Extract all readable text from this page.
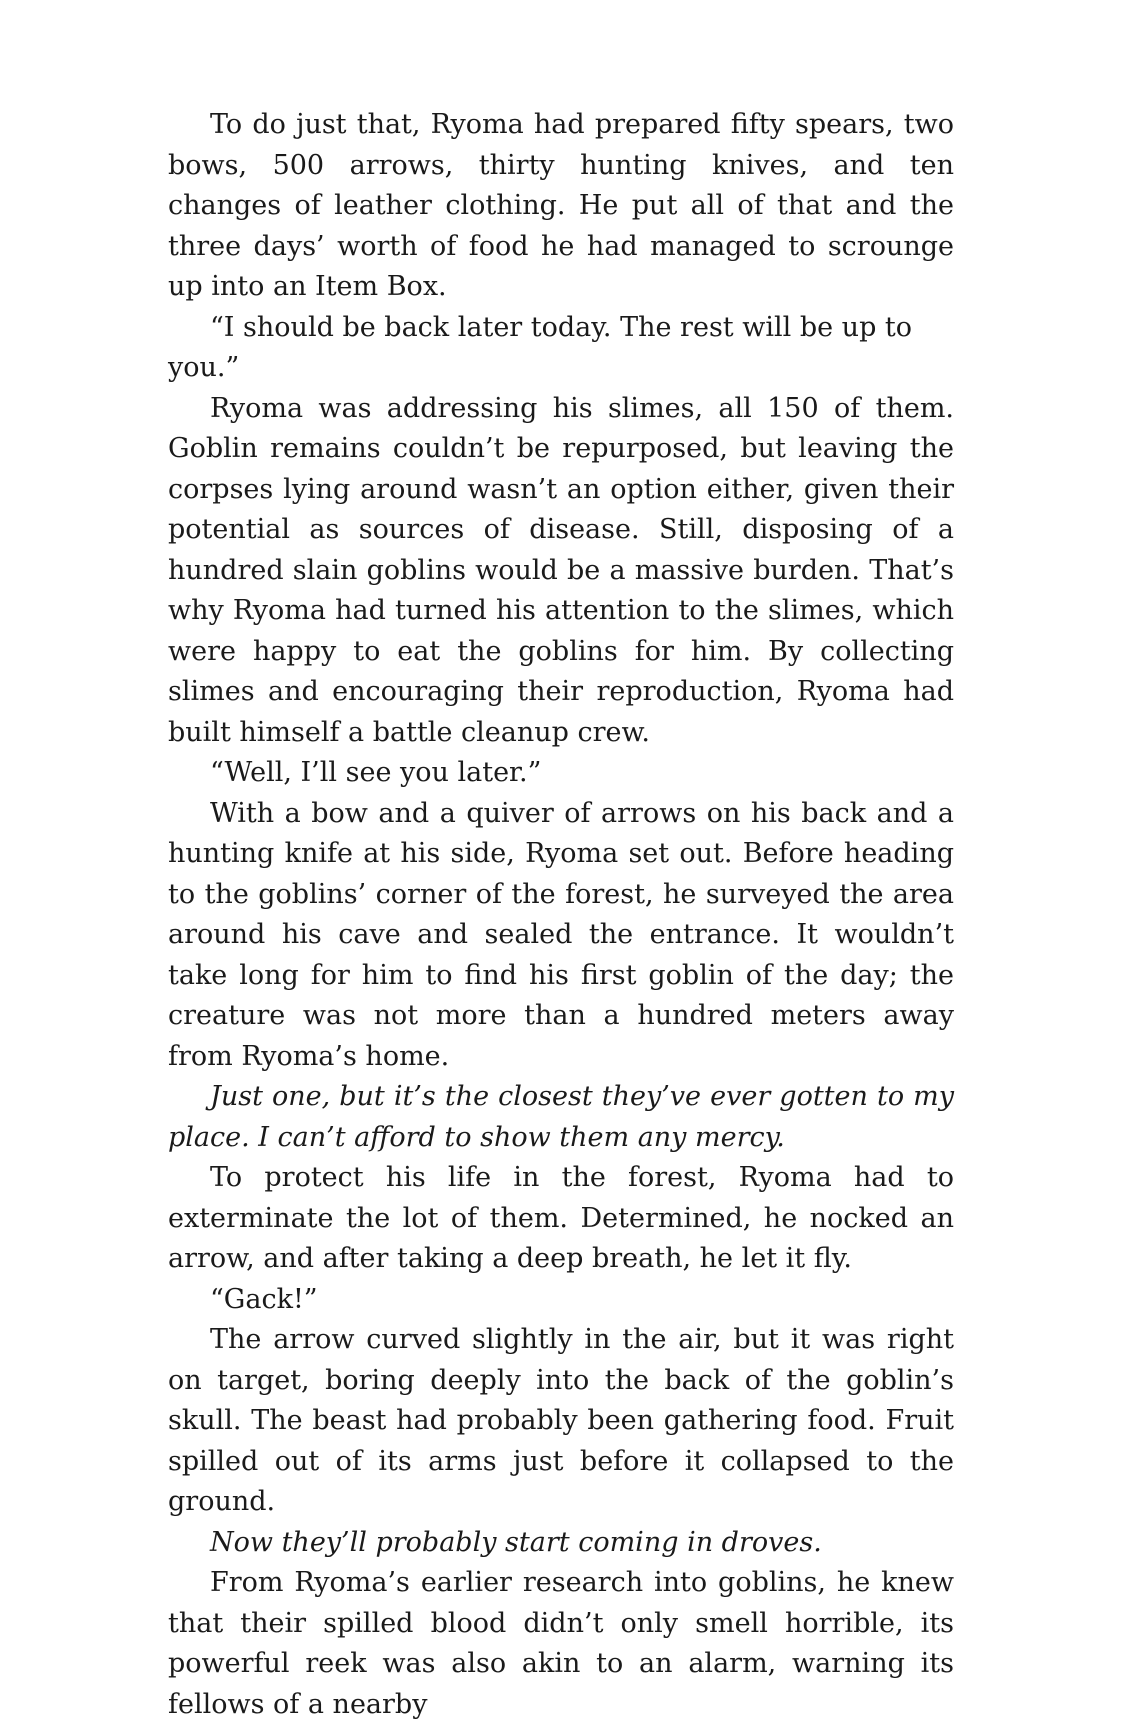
To do just that, Ryoma had prepared fifty spears, two bows, 500 arrows, thirty hunting knives, and ten changes of leather clothing. He put all of that and the three days’ worth of food he had managed to scrounge up into an Item Box.

“I should be back later today. The rest will be up to you.”

Ryoma was addressing his slimes, all 150 of them. Goblin remains couldn’t be repurposed, but leaving the corpses lying around wasn’t an option either, given their potential as sources of disease. Still, disposing of a hundred slain goblins would be a massive burden. That’s why Ryoma had turned his attention to the slimes, which were happy to eat the goblins for him. By collecting slimes and encouraging their reproduction, Ryoma had built himself a battle cleanup crew.

“Well, I’ll see you later.”

With a bow and a quiver of arrows on his back and a hunting knife at his side, Ryoma set out. Before heading to the goblins’ corner of the forest, he surveyed the area around his cave and sealed the entrance. It wouldn’t take long for him to find his first goblin of the day; the creature was not more than a hundred meters away from Ryoma’s home.

Just one, but it’s the closest they’ve ever gotten to my place. I can’t afford to show them any mercy.

To protect his life in the forest, Ryoma had to exterminate the lot of them. Determined, he nocked an arrow, and after taking a deep breath, he let it fly.

“Gack!”

The arrow curved slightly in the air, but it was right on target, boring deeply into the back of the goblin’s skull. The beast had probably been gathering food. Fruit spilled out of its arms just before it collapsed to the ground.

Now they’ll probably start coming in droves.

From Ryoma’s earlier research into goblins, he knew that their spilled blood didn’t only smell horrible, its powerful reek was also akin to an alarm, warning its fellows of a nearby
